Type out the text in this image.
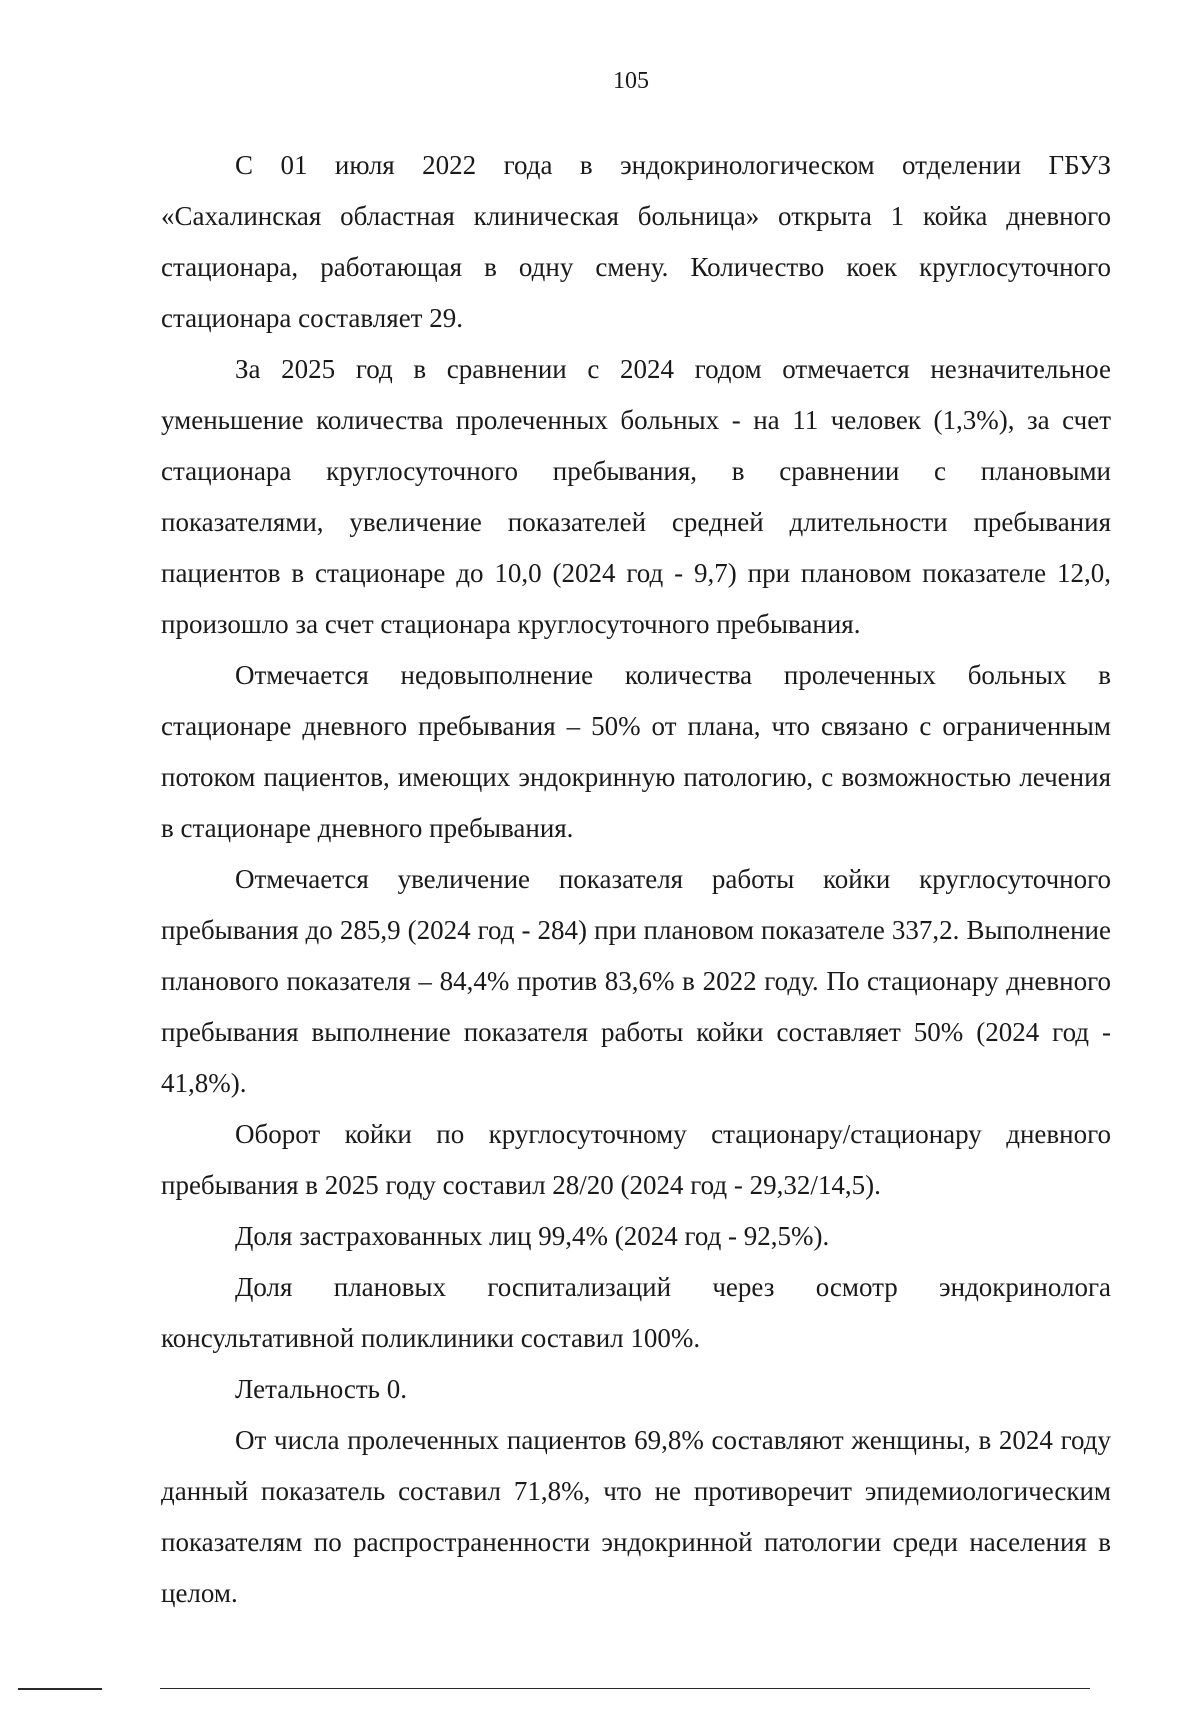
105

С 01 июля 2022 года в эндокринологическом отделении ГБУЗ «Сахалинская областная клиническая больница» открыта 1 койка дневного стационара, работающая в одну смену. Количество коек круглосуточного стационара составляет 29.

За 2025 год в сравнении с 2024 годом отмечается незначительное уменьшение количества пролеченных больных - на 11 человек (1,3%), за счет стационара круглосуточного пребывания, в сравнении с плановыми показателями, увеличение показателей средней длительности пребывания пациентов в стационаре до 10,0 (2024 год - 9,7) при плановом показателе 12,0, произошло за счет стационара круглосуточного пребывания.

Отмечается недовыполнение количества пролеченных больных в стационаре дневного пребывания – 50% от плана, что связано с ограниченным потоком пациентов, имеющих эндокринную патологию, с возможностью лечения в стационаре дневного пребывания.

Отмечается увеличение показателя работы койки круглосуточного пребывания до 285,9 (2024 год - 284) при плановом показателе 337,2. Выполнение планового показателя – 84,4% против 83,6% в 2022 году. По стационару дневного пребывания выполнение показателя работы койки составляет 50% (2024 год - 41,8%).

Оборот койки по круглосуточному стационару/стационару дневного пребывания в 2025 году составил 28/20 (2024 год - 29,32/14,5).

Доля застрахованных лиц 99,4% (2024 год - 92,5%).

Доля плановых госпитализаций через осмотр эндокринолога консультативной поликлиники составил 100%.

Летальность 0.

От числа пролеченных пациентов 69,8% составляют женщины, в 2024 году данный показатель составил 71,8%, что не противоречит эпидемиологическим показателям по распространенности эндокринной патологии среди населения в целом.
